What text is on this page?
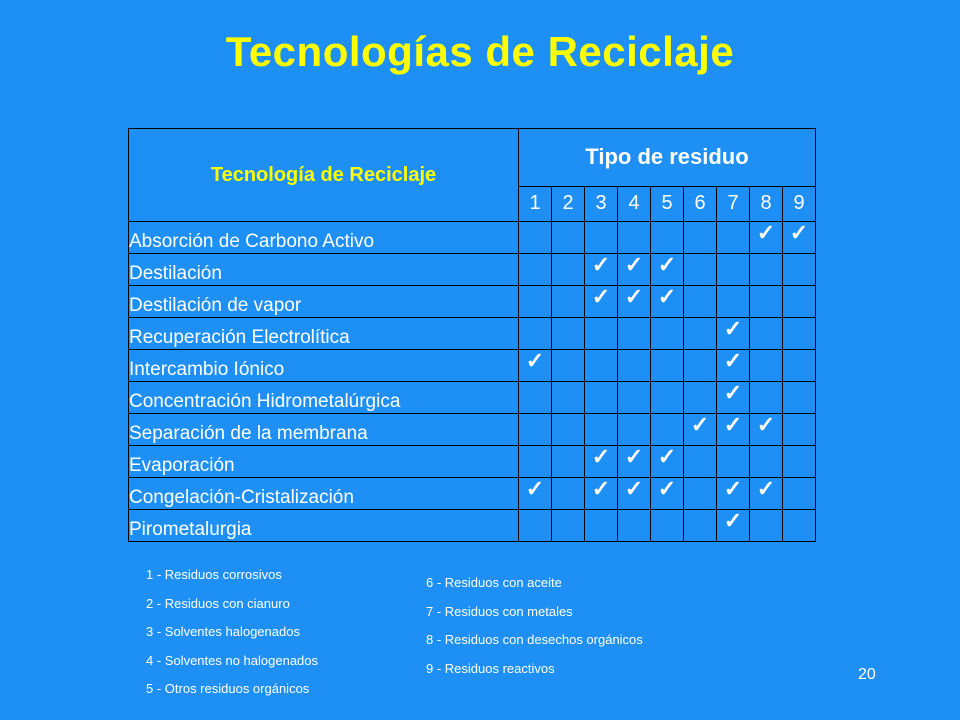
Tecnologías de Reciclaje
Tecnología de Reciclaje	Tipo de residuo								
	1	2	3	4	5	6	7	8	9
Absorción de Carbono Activo								✓	✓
Destilación			✓	✓	✓				
Destilación de vapor			✓	✓	✓				
Recuperación Electrolítica							✓		
Intercambio Iónico	✓						✓		
Concentración Hidrometalúrgica							✓		
Separación de la membrana						✓	✓	✓	
Evaporación			✓	✓	✓				
Congelación-Cristalización	✓		✓	✓	✓		✓	✓	
Pirometalurgia							✓		
1 - Residuos corrosivos
2 - Residuos con cianuro
3 - Solventes halogenados
4 - Solventes no halogenados
5 - Otros residuos orgánicos
6 - Residuos con aceite
7 - Residuos con metales
8 - Residuos con desechos orgánicos
9 - Residuos reactivos	20
